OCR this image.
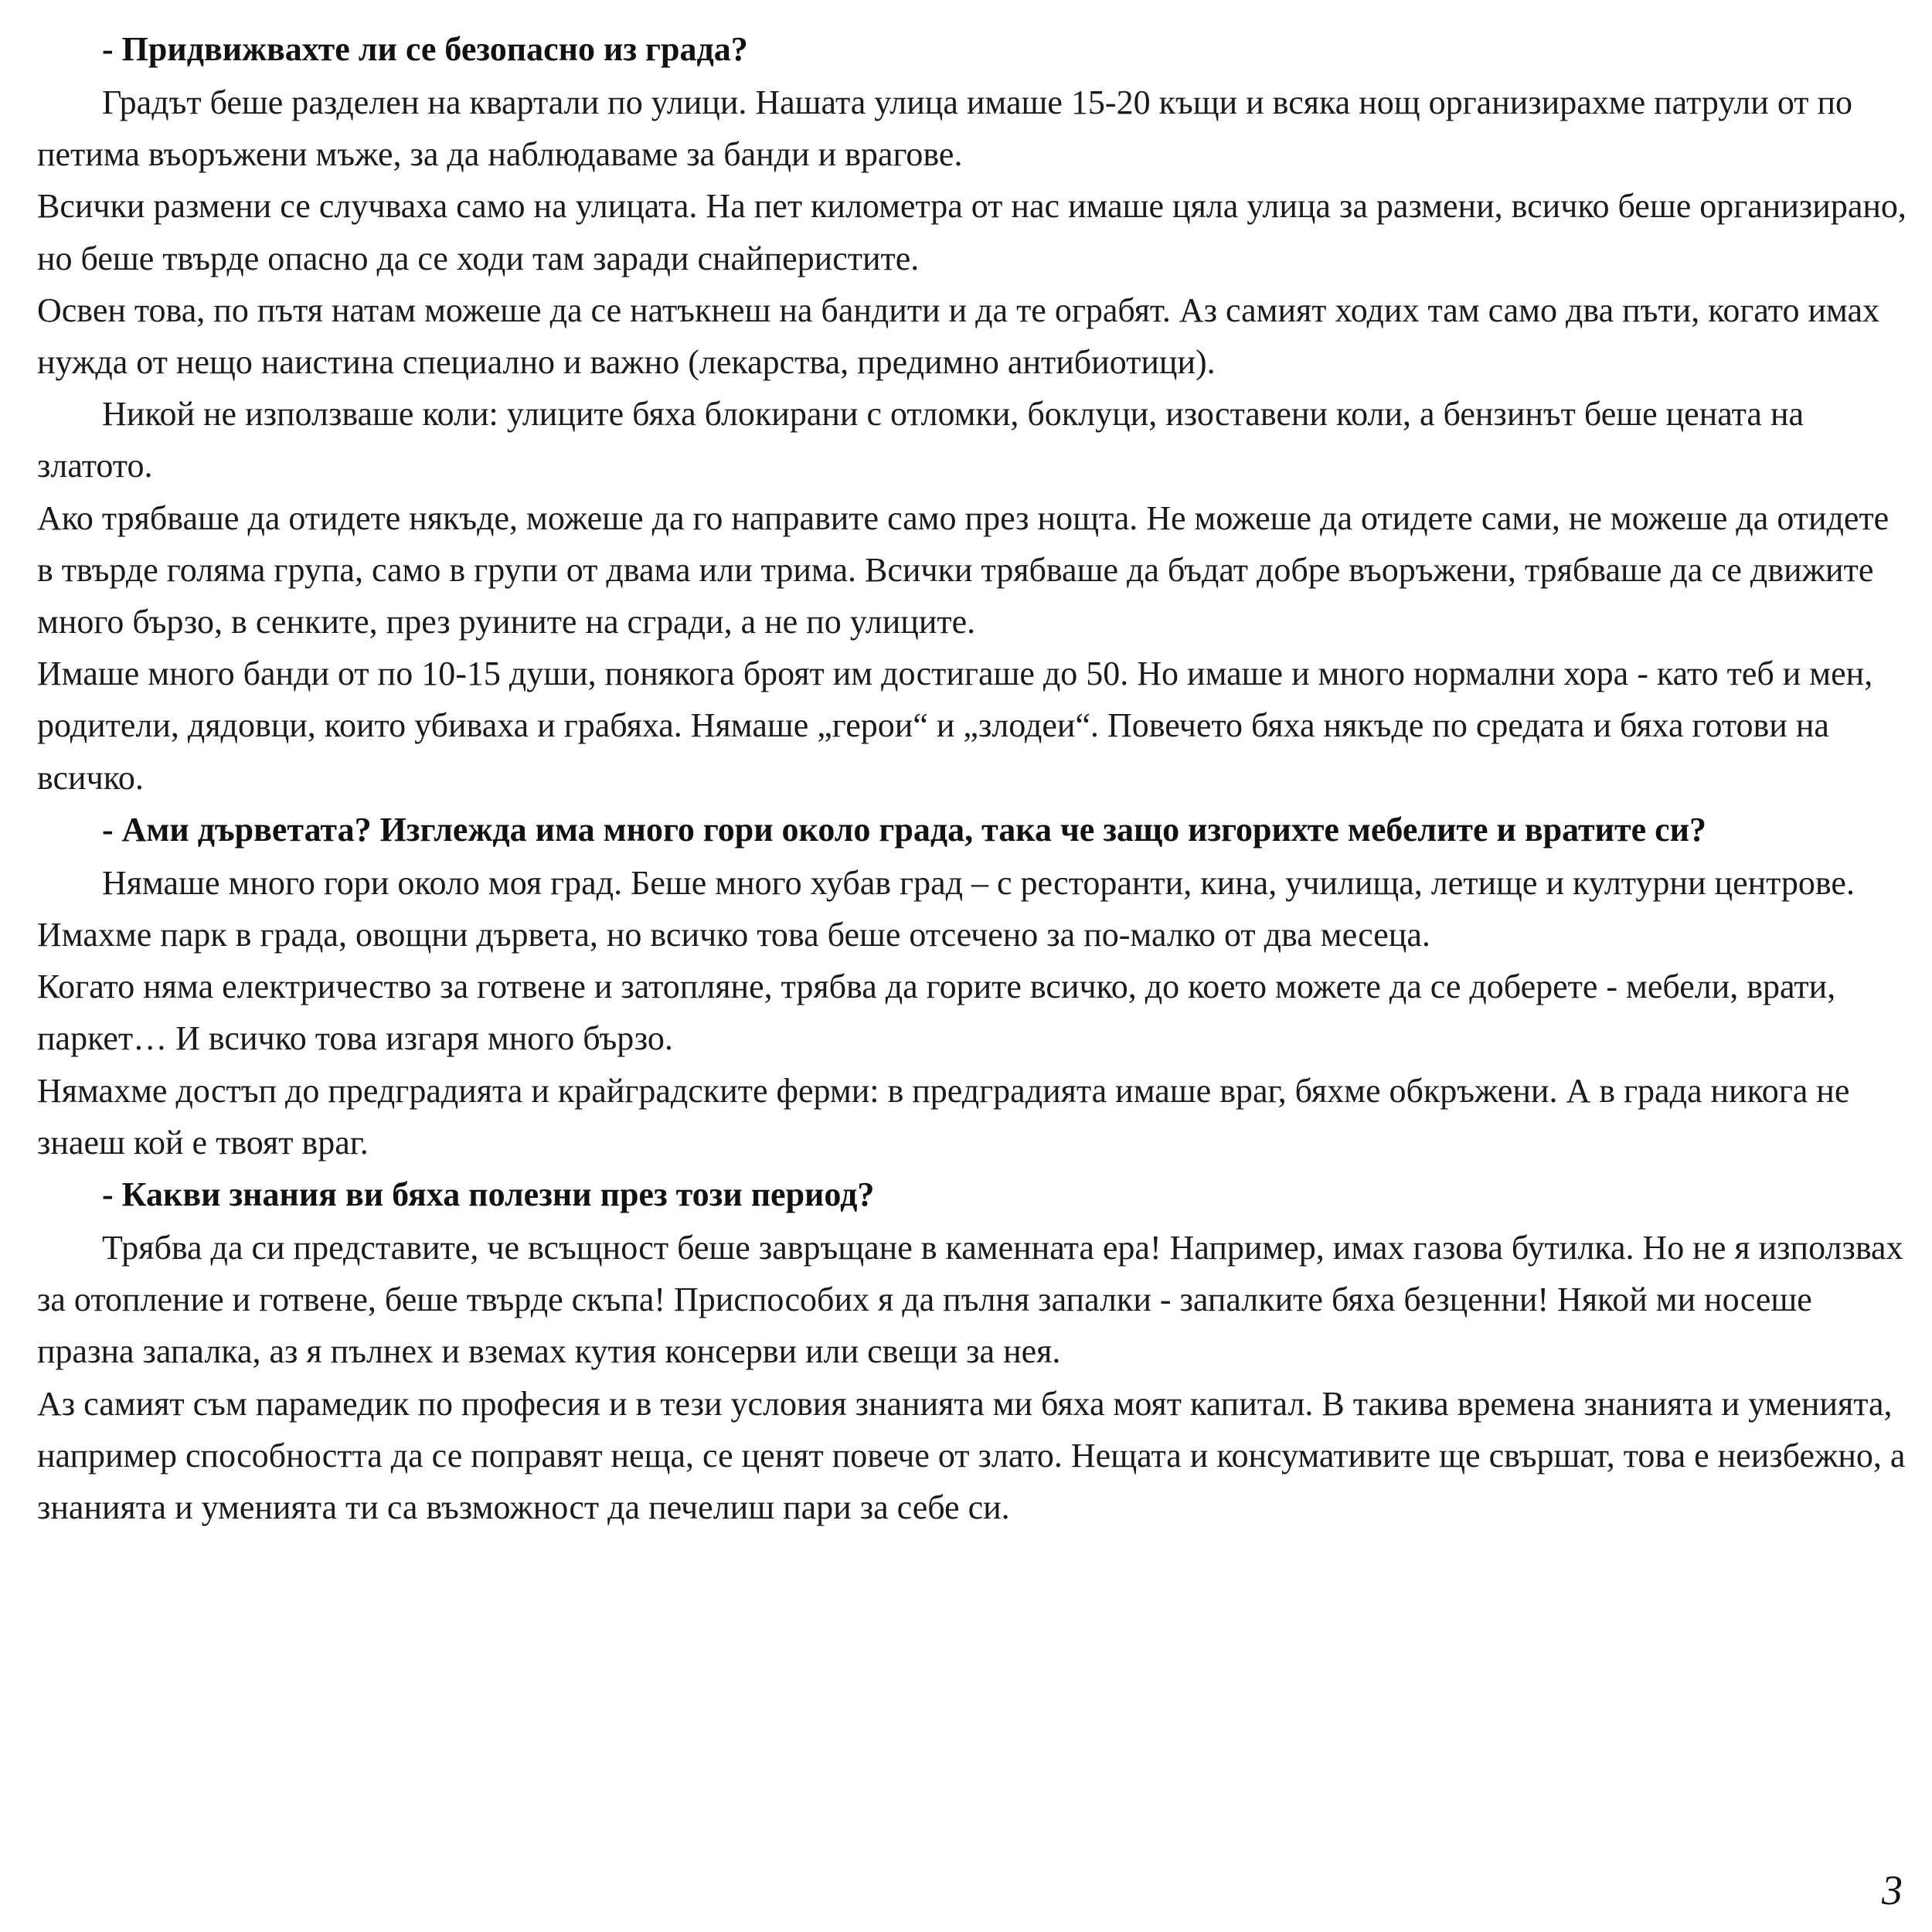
- Придвижвахте ли се безопасно из града?

Градът беше разделен на квартали по улици. Нашата улица имаше 15-20 къщи и всяка нощ организирахме патрули от по петима въоръжени мъже, за да наблюдаваме за банди и врагове.

Всички размени се случваха само на улицата. На пет километра от нас имаше цяла улица за размени, всичко беше организирано, но беше твърде опасно да се ходи там заради снайперистите.

Освен това, по пътя натам можеше да се натъкнеш на бандити и да те ограбят. Аз самият ходих там само два пъти, когато имах нужда от нещо наистина специално и важно (лекарства, предимно антибиотици).

Никой не използваше коли: улиците бяха блокирани с отломки, боклуци, изоставени коли, а бензинът беше цената на златото.

Ако трябваше да отидете някъде, можеше да го направите само през нощта. Не можеше да отидете сами, не можеше да отидете в твърде голяма група, само в групи от двама или трима. Всички трябваше да бъдат добре въоръжени, трябваше да се движите много бързо, в сенките, през руините на сгради, а не по улиците.

Имаше много банди от по 10-15 души, понякога броят им достигаше до 50. Но имаше и много нормални хора - като теб и мен, родители, дядовци, които убиваха и грабяха. Нямаше „герои“ и „злодеи“. Повечето бяха някъде по средата и бяха готови на всичко.

- Ами дърветата? Изглежда има много гори около града, така че защо изгорихте мебелите и вратите си?

Нямаше много гори около моя град. Беше много хубав град – с ресторанти, кина, училища, летище и културни центрове. Имахме парк в града, овощни дървета, но всичко това беше отсечено за по-малко от два месеца.

Когато няма електричество за готвене и затопляне, трябва да горите всичко, до което можете да се доберете - мебели, врати, паркет… И всичко това изгаря много бързо.

Нямахме достъп до предградията и крайградските ферми: в предградията имаше враг, бяхме обкръжени. А в града никога не знаеш кой е твоят враг.

- Какви знания ви бяха полезни през този период?

Трябва да си представите, че всъщност беше завръщане в каменната ера! Например, имах газова бутилка. Но не я използвах за отопление и готвене, беше твърде скъпа! Приспособих я да пълня запалки - запалките бяха безценни! Някой ми носеше празна запалка, аз я пълнех и вземах кутия консерви или свещи за нея.

Аз самият съм парамедик по професия и в тези условия знанията ми бяха моят капитал. В такива времена знанията и уменията, например способността да се поправят неща, се ценят повече от злато. Нещата и консумативите ще свършат, това е неизбежно, а знанията и уменията ти са възможност да печелиш пари за себе си.

3
